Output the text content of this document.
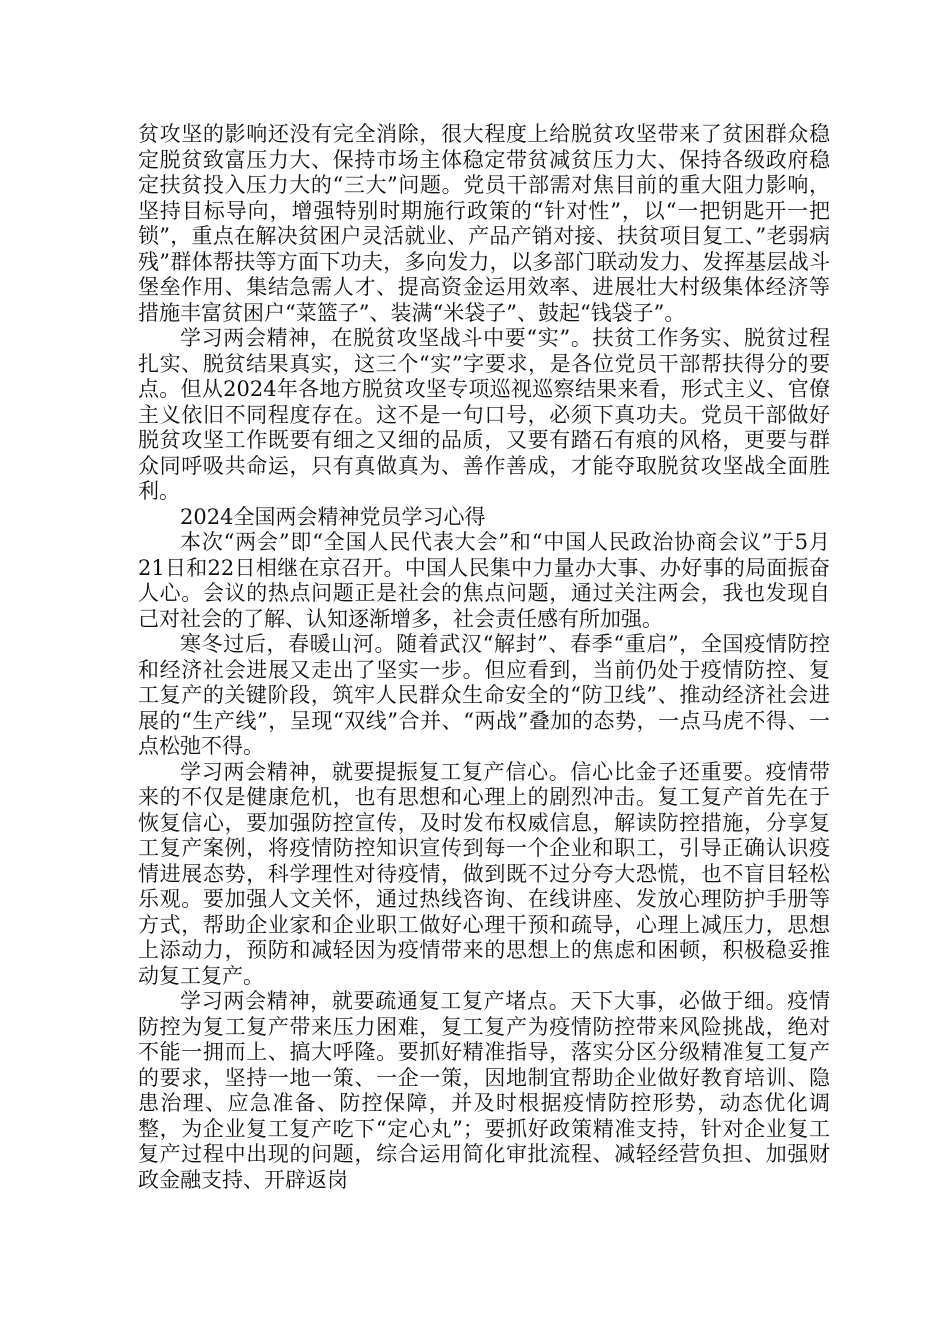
贫攻坚的影响还没有完全消除，很大程度上给脱贫攻坚带来了贫困群众稳定脱贫致富压力大、保持市场主体稳定带贫减贫压力大、保持各级政府稳定扶贫投入压力大的“三大”问题。党员干部需对焦目前的重大阻力影响，坚持目标导向，增强特别时期施行政策的“针对性”，以“一把钥匙开一把锁”，重点在解决贫困户灵活就业、产品产销对接、扶贫项目复工、”老弱病残”群体帮扶等方面下功夫，多向发力，以多部门联动发力、发挥基层战斗堡垒作用、集结急需人才、提高资金运用效率、进展壮大村级集体经济等措施丰富贫困户“菜篮子”、装满“米袋子”、鼓起“钱袋子”。

学习两会精神，在脱贫攻坚战斗中要“实”。扶贫工作务实、脱贫过程扎实、脱贫结果真实，这三个“实”字要求，是各位党员干部帮扶得分的要点。但从2024年各地方脱贫攻坚专项巡视巡察结果来看，形式主义、官僚主义依旧不同程度存在。这不是一句口号，必须下真功夫。党员干部做好脱贫攻坚工作既要有细之又细的品质，又要有踏石有痕的风格，更要与群众同呼吸共命运，只有真做真为、善作善成，才能夺取脱贫攻坚战全面胜利。

2024全国两会精神党员学习心得

本次“两会”即“全国人民代表大会”和“中国人民政治协商会议”于5月21日和22日相继在京召开。中国人民集中力量办大事、办好事的局面振奋人心。会议的热点问题正是社会的焦点问题，通过关注两会，我也发现自己对社会的了解、认知逐渐增多，社会责任感有所加强。

寒冬过后，春暖山河。随着武汉“解封”、春季“重启”，全国疫情防控和经济社会进展又走出了坚实一步。但应看到，当前仍处于疫情防控、复工复产的关键阶段，筑牢人民群众生命安全的“防卫线”、推动经济社会进展的“生产线”，呈现“双线”合并、“两战”叠加的态势，一点马虎不得、一点松弛不得。

学习两会精神，就要提振复工复产信心。信心比金子还重要。疫情带来的不仅是健康危机，也有思想和心理上的剧烈冲击。复工复产首先在于恢复信心，要加强防控宣传，及时发布权威信息，解读防控措施，分享复工复产案例，将疫情防控知识宣传到每一个企业和职工，引导正确认识疫情进展态势，科学理性对待疫情，做到既不过分夸大恐慌，也不盲目轻松乐观。要加强人文关怀，通过热线咨询、在线讲座、发放心理防护手册等方式，帮助企业家和企业职工做好心理干预和疏导，心理上减压力，思想上添动力，预防和减轻因为疫情带来的思想上的焦虑和困顿，积极稳妥推动复工复产。

学习两会精神，就要疏通复工复产堵点。天下大事，必做于细。疫情防控为复工复产带来压力困难，复工复产为疫情防控带来风险挑战，绝对不能一拥而上、搞大呼隆。要抓好精准指导，落实分区分级精准复工复产的要求，坚持一地一策、一企一策，因地制宜帮助企业做好教育培训、隐患治理、应急准备、防控保障，并及时根据疫情防控形势，动态优化调整，为企业复工复产吃下“定心丸”；要抓好政策精准支持，针对企业复工复产过程中出现的问题，综合运用简化审批流程、减轻经营负担、加强财政金融支持、开辟返岗
